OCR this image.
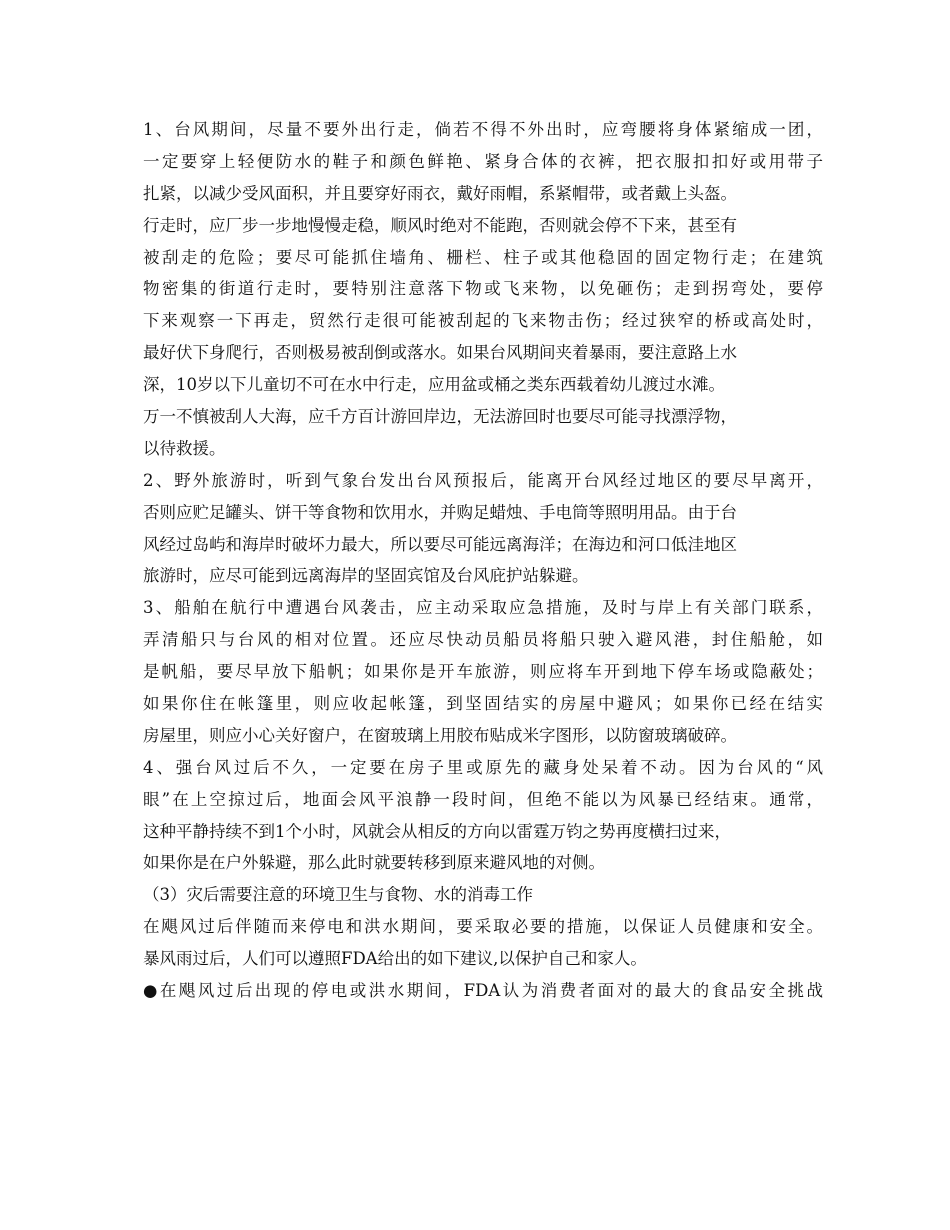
1、台风期间，尽量不要外出行走，倘若不得不外出时，应弯腰将身体紧缩成一团，

一定要穿上轻便防水的鞋子和颜色鲜艳、紧身合体的衣裤，把衣服扣扣好或用带子

扎紧，以减少受风面积，并且要穿好雨衣，戴好雨帽，系紧帽带，或者戴上头盔。

行走时，应厂步一步地慢慢走稳，顺风时绝对不能跑，否则就会停不下来，甚至有

被刮走的危险；要尽可能抓住墙角、栅栏、柱子或其他稳固的固定物行走；在建筑

物密集的街道行走时，要特别注意落下物或飞来物，以免砸伤；走到拐弯处，要停

下来观察一下再走，贸然行走很可能被刮起的飞来物击伤；经过狭窄的桥或高处时，

最好伏下身爬行，否则极易被刮倒或落水。如果台风期间夹着暴雨，要注意路上水

深，10岁以下儿童切不可在水中行走，应用盆或桶之类东西载着幼儿渡过水滩。

万一不慎被刮人大海，应千方百计游回岸边，无法游回时也要尽可能寻找漂浮物，

以待救援。

2、野外旅游时，听到气象台发出台风预报后，能离开台风经过地区的要尽早离开，

否则应贮足罐头、饼干等食物和饮用水，并购足蜡烛、手电筒等照明用品。由于台

风经过岛屿和海岸时破坏力最大，所以要尽可能远离海洋；在海边和河口低洼地区

旅游时，应尽可能到远离海岸的坚固宾馆及台风庇护站躲避。

3、船舶在航行中遭遇台风袭击，应主动采取应急措施，及时与岸上有关部门联系，

弄清船只与台风的相对位置。还应尽快动员船员将船只驶入避风港，封住船舱，如

是帆船，要尽早放下船帆；如果你是开车旅游，则应将车开到地下停车场或隐蔽处；

如果你住在帐篷里，则应收起帐篷，到坚固结实的房屋中避风；如果你已经在结实

房屋里，则应小心关好窗户，在窗玻璃上用胶布贴成米字图形，以防窗玻璃破碎。

4、强台风过后不久，一定要在房子里或原先的藏身处呆着不动。因为台风的“风

眼”在上空掠过后，地面会风平浪静一段时间，但绝不能以为风暴已经结束。通常，

这种平静持续不到1个小时，风就会从相反的方向以雷霆万钧之势再度横扫过来，

如果你是在户外躲避，那么此时就要转移到原来避风地的对侧。

（3）灾后需要注意的环境卫生与食物、水的消毒工作

在飓风过后伴随而来停电和洪水期间，要采取必要的措施，以保证人员健康和安全。

暴风雨过后，人们可以遵照FDA给出的如下建议,以保护自己和家人。

●在飓风过后出现的停电或洪水期间，FDA认为消费者面对的最大的食品安全挑战
